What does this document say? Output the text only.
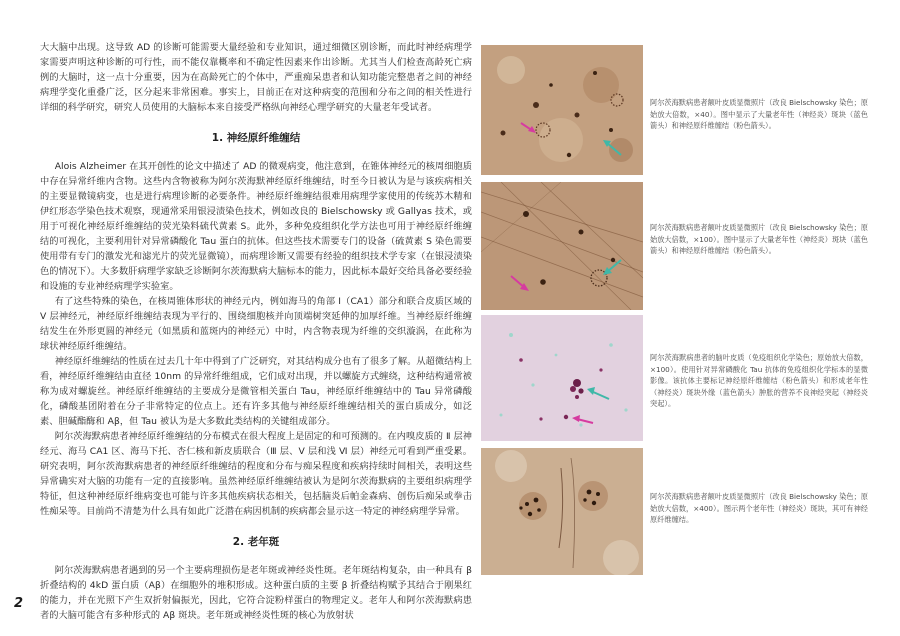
大大脑中出现。这导致 AD 的诊断可能需要大量经验和专业知识，通过细微区别诊断，而此时神经病理学家需要声明这种诊断的可行性，而不能仅靠概率和不确定性因素来作出诊断。尤其当人们检查高龄死亡病例的大脑时，这一点十分重要，因为在高龄死亡的个体中，严重痴呆患者和认知功能完整患者之间的神经病理学变化重叠广泛，区分起来非常困难。事实上，目前正在对这种病变的范围和分布之间的相关性进行详细的科学研究，研究人员使用的大脑标本来自接受严格纵向神经心理学研究的大量老年受试者。

1. 神经原纤维缠结

Alois Alzheimer 在其开创性的论文中描述了 AD 的微观病变，他注意到，在锥体神经元的核周细胞质中存在异常纤维内含物。这些内含物被称为阿尔茨海默神经原纤维缠结，时至今日被认为是与该疾病相关的主要显微镜病变，也是进行病理诊断的必要条件。神经原纤维缠结很难用病理学家使用的传统苏木精和伊红形态学染色技术观察，现通常采用银浸渍染色技术，例如改良的 Bielschowsky 或 Gallyas 技术，或用于可视化神经原纤维缠结的荧光染料硫代黄素 S。此外，多种免疫组织化学方法也可用于神经原纤维缠结的可视化，主要利用针对异常磷酸化 Tau 蛋白的抗体。但这些技术需要专门的设备（硫黄素 S 染色需要使用带有专门的激发光和滤光片的荧光显微镜），而病理诊断又需要有经验的组织技术学专家（在银浸渍染色的情况下）。大多数肝病理学家缺乏诊断阿尔茨海默病大脑标本的能力，因此标本最好交给具备必要经验和设施的专业神经病理学实验室。

有了这些特殊的染色，在核周锥体形状的神经元内，例如海马的角部 I（CA1）部分和联合皮质区域的 V 层神经元，神经原纤维缠结表现为平行的、围绕细胞核并向顶端树突延伸的加厚纤维。当神经原纤维缠结发生在外形更圆的神经元（如黑质和蓝斑内的神经元）中时，内含物表现为纤维的交织漩涡，在此称为球状神经原纤维缠结。

神经原纤维缠结的性质在过去几十年中得到了广泛研究，对其结构成分也有了很多了解。从超微结构上看，神经原纤维缠结由直径 10nm 的异常纤维组成，它们成对出现，并以螺旋方式缠绕，这种结构通常被称为成对螺旋丝。神经原纤维缠结的主要成分是微管相关蛋白 Tau，神经原纤维缠结中的 Tau 异常磷酸化，磷酸基团附着在分子非常特定的位点上。还有许多其他与神经原纤维缠结相关的蛋白质成分，如泛素、胆碱酯酶和 Aβ，但 Tau 被认为是大多数此类结构的关键组成部分。

阿尔茨海默病患者神经原纤维缠结的分布模式在很大程度上是固定的和可预测的。在内嗅皮质的 Ⅱ 层神经元、海马 CA1 区、海马下托、杏仁核和新皮质联合（Ⅲ 层、Ⅴ 层和浅 Ⅵ 层）神经元可看到严重受累。研究表明，阿尔茨海默病患者的神经原纤维缠结的程度和分布与痴呆程度和疾病持续时间相关，表明这些异常确实对大脑的功能有一定的直接影响。虽然神经原纤维缠结被认为是阿尔茨海默病的主要组织病理学特征，但这种神经原纤维病变也可能与许多其他疾病状态相关，包括脑炎后帕金森病、创伤后痴呆或拳击性痴呆等。目前尚不清楚为什么具有如此广泛潜在病因机制的疾病都会显示这一特定的神经病理学异常。

2. 老年斑

阿尔茨海默病患者遇到的另一个主要病理损伤是老年斑或神经炎性斑。老年斑结构复杂，由一种具有 β 折叠结构的 4kD 蛋白质（Aβ）在细胞外的堆积形成。这种蛋白质的主要 β 折叠结构赋予其结合于刚果红的能力，并在光照下产生双折射偏振光，因此，它符合淀粉样蛋白的物理定义。老年人和阿尔茨海默病患者的大脑可能含有多种形式的 Aβ 斑块。老年斑或神经炎性斑的核心为放射状

阿尔茨海默病患者额叶皮质显微照片（改良 Bielschowsky 染色；原始放大倍数，×40）。图中显示了大量老年性（神经炎）斑块（蓝色箭头）和神经原纤维缠结（粉色箭头）。
阿尔茨海默病患者额叶皮质显微照片（改良 Bielschowsky 染色；原始放大倍数，×100）。图中显示了大量老年性（神经炎）斑块（蓝色箭头）和神经原纤维缠结（粉色箭头）。
阿尔茨海默病患者的脑叶皮质（免疫组织化学染色；原始放大倍数，×100）。使用针对异常磷酸化 Tau 抗体的免疫组织化学标本的显微影像。该抗体主要标记神经原纤维缠结（粉色箭头）和形成老年性（神经炎）斑块外缘（蓝色箭头）肿胀的营养不良神经突起（神经炎突起）。
阿尔茨海默病患者额叶皮质显微照片（改良 Bielschowsky 染色；原始放大倍数，×400）。图示两个老年性（神经炎）斑块，其可有神经原纤维缠结。
2
